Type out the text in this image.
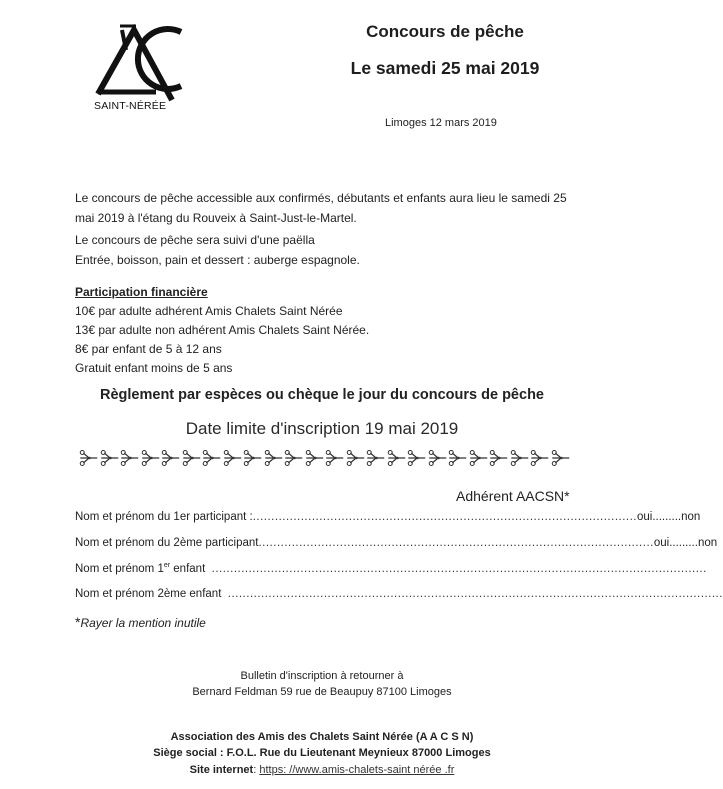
SAINT-NÉRÉE
Concours de pêche
Le samedi 25 mai 2019
Limoges 12 mars 2019
Le concours de pêche accessible aux confirmés, débutants et enfants aura lieu le samedi 25
mai 2019 à l'étang du Rouveix à Saint-Just-le-Martel.
Le concours de pêche sera suivi d'une paëlla
Entrée, boisson, pain et dessert : auberge espagnole.
Participation financière
10€ par adulte adhérent Amis Chalets Saint Nérée
13€ par adulte non adhérent Amis Chalets Saint Nérée.
8€ par enfant de 5 à 12 ans
Gratuit enfant moins de 5 ans
Règlement par espèces ou chèque le jour du concours de pêche
Date limite d'inscription 19 mai 2019
Adhérent AACSN*
Nom et prénom du 1er participant : ........................................................................................................ oui.........non
Nom et prénom du 2ème participant ........................................................................................................... oui.........non
Nom et prénom 1er enfant ......................................................................................................................................
Nom et prénom 2ème enfant ......................................................................................................................................
*Rayer la mention inutile
Bulletin d'inscription à retourner à
Bernard Feldman 59 rue de Beaupuy 87100 Limoges
Association des Amis des Chalets Saint Nérée (A A C S N)
Siège social : F.O.L. Rue du Lieutenant Meynieux 87000 Limoges
Site internet: https: //www.amis-chalets-saint nérée .fr
